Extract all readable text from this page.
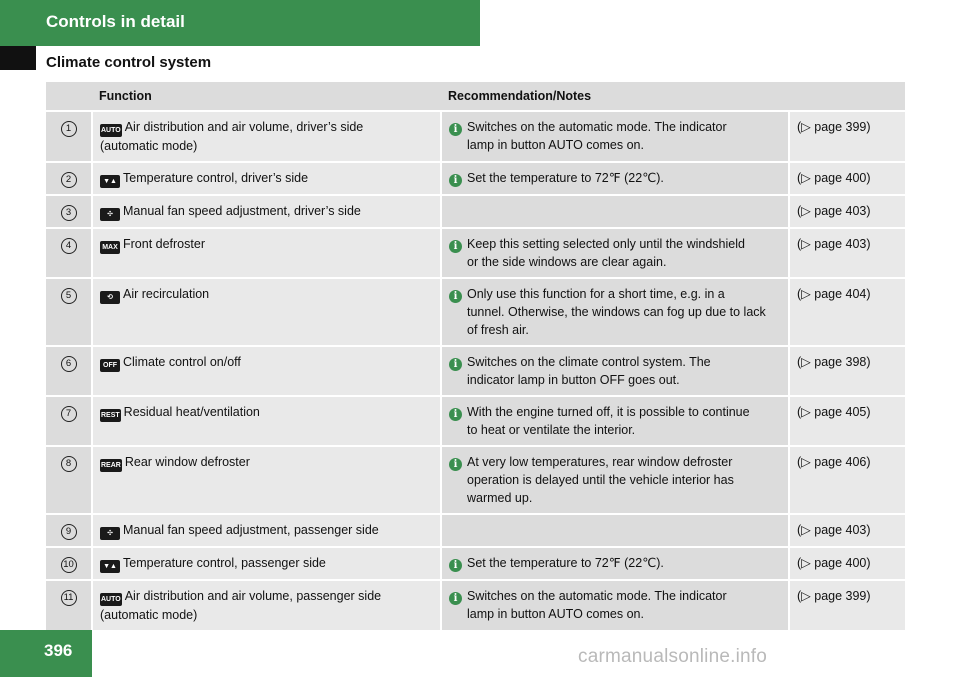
Controls in detail
Climate control system
	Function	Recommendation/Notes	
1	AUTO Air distribution and air volume, driver’s side
(automatic mode)	i Switches on the automatic mode. The indicator
lamp in button AUTO comes on.	(▷ page 399)
2	▼▲ Temperature control, driver’s side	i Set the temperature to 72℉ (22℃).	(▷ page 400)
3	✣ Manual fan speed adjustment, driver’s side		(▷ page 403)
4	MAX Front defroster	i Keep this setting selected only until the windshield
or the side windows are clear again.	(▷ page 403)
5	⟲ Air recirculation	i Only use this function for a short time, e.g. in a
tunnel. Otherwise, the windows can fog up due to lack
of fresh air.	(▷ page 404)
6	OFF Climate control on/off	i Switches on the climate control system. The
indicator lamp in button OFF goes out.	(▷ page 398)
7	REST Residual heat/ventilation	i With the engine turned off, it is possible to continue
to heat or ventilate the interior.	(▷ page 405)
8	REAR Rear window defroster	i At very low temperatures, rear window defroster
operation is delayed until the vehicle interior has
warmed up.	(▷ page 406)
9	✣ Manual fan speed adjustment, passenger side		(▷ page 403)
10	▼▲ Temperature control, passenger side	i Set the temperature to 72℉ (22℃).	(▷ page 400)
11	AUTO Air distribution and air volume, passenger side
(automatic mode)	i Switches on the automatic mode. The indicator
lamp in button AUTO comes on.	(▷ page 399)
396	carmanualsonline.info
